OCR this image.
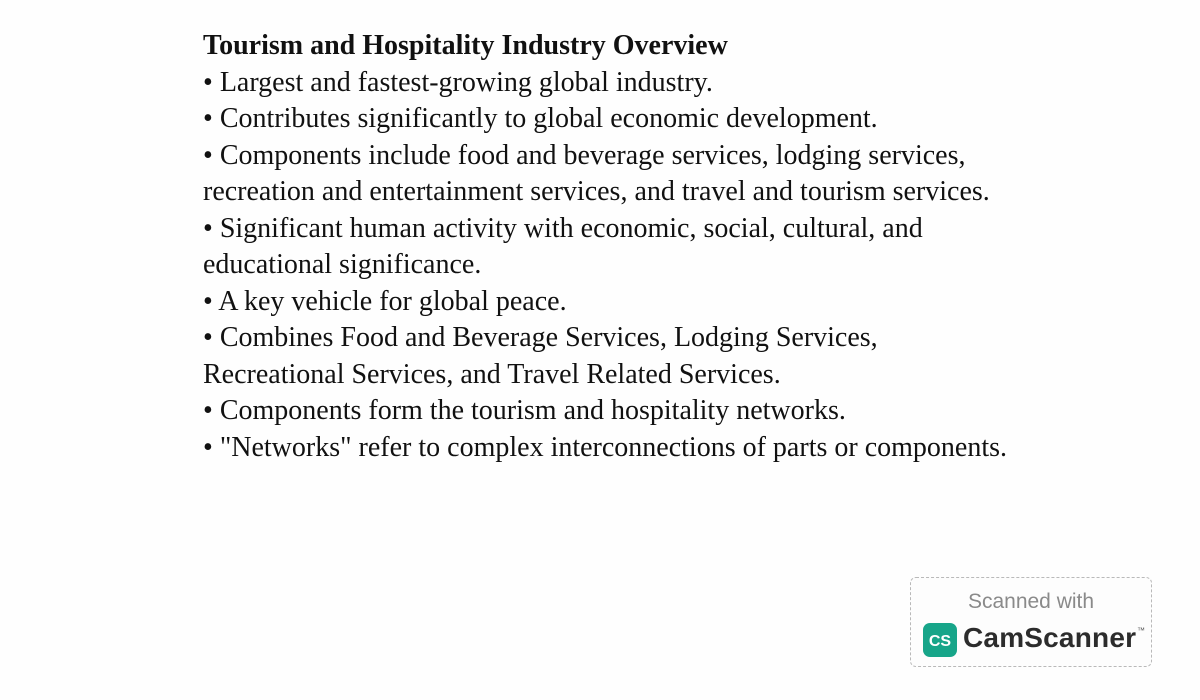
Tourism and Hospitality Industry Overview
• Largest and fastest-growing global industry.
• Contributes significantly to global economic development.
• Components include food and beverage services, lodging services, recreation and entertainment services, and travel and tourism services.
• Significant human activity with economic, social, cultural, and educational significance.
• A key vehicle for global peace.
• Combines Food and Beverage Services, Lodging Services, Recreational Services, and Travel Related Services.
• Components form the tourism and hospitality networks.
• "Networks" refer to complex interconnections of parts or components.
Scanned with
CS CamScanner ™
